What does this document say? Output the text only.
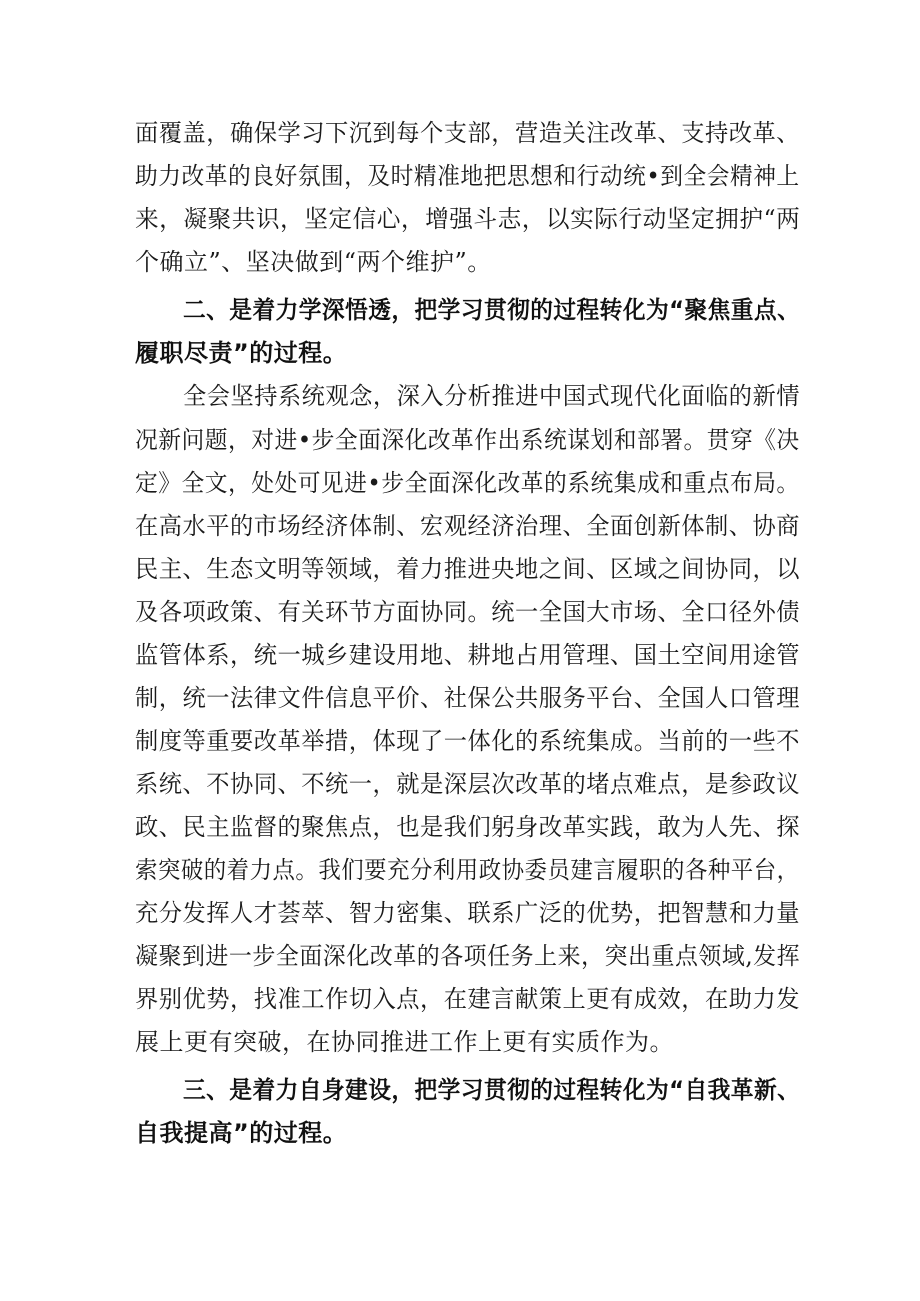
面覆盖，确保学习下沉到每个支部，营造关注改革、支持改革、
助力改革的良好氛围，及时精准地把思想和行动统•到全会精神上
来，凝聚共识，坚定信心，增强斗志，以实际行动坚定拥护“两
个确立”、坚决做到“两个维护”。
二、是着力学深悟透，把学习贯彻的过程转化为“聚焦重点、
履职尽责”的过程。
全会坚持系统观念，深入分析推进中国式现代化面临的新情
况新问题，对进•步全面深化改革作出系统谋划和部署。贯穿《决
定》全文，处处可见进•步全面深化改革的系统集成和重点布局。
在高水平的市场经济体制、宏观经济治理、全面创新体制、协商
民主、生态文明等领域，着力推进央地之间、区域之间协同，以
及各项政策、有关环节方面协同。统一全国大市场、全口径外债
监管体系，统一城乡建设用地、耕地占用管理、国土空间用途管
制，统一法律文件信息平价、社保公共服务平台、全国人口管理
制度等重要改革举措，体现了一体化的系统集成。当前的一些不
系统、不协同、不统一，就是深层次改革的堵点难点，是参政议
政、民主监督的聚焦点，也是我们躬身改革实践，敢为人先、探
索突破的着力点。我们要充分利用政协委员建言履职的各种平台，
充分发挥人才荟萃、智力密集、联系广泛的优势，把智慧和力量
凝聚到进一步全面深化改革的各项任务上来，突出重点领域,发挥
界别优势，找准工作切入点，在建言献策上更有成效，在助力发
展上更有突破，在协同推进工作上更有实质作为。
三、是着力自身建设，把学习贯彻的过程转化为“自我革新、
自我提高”的过程。
